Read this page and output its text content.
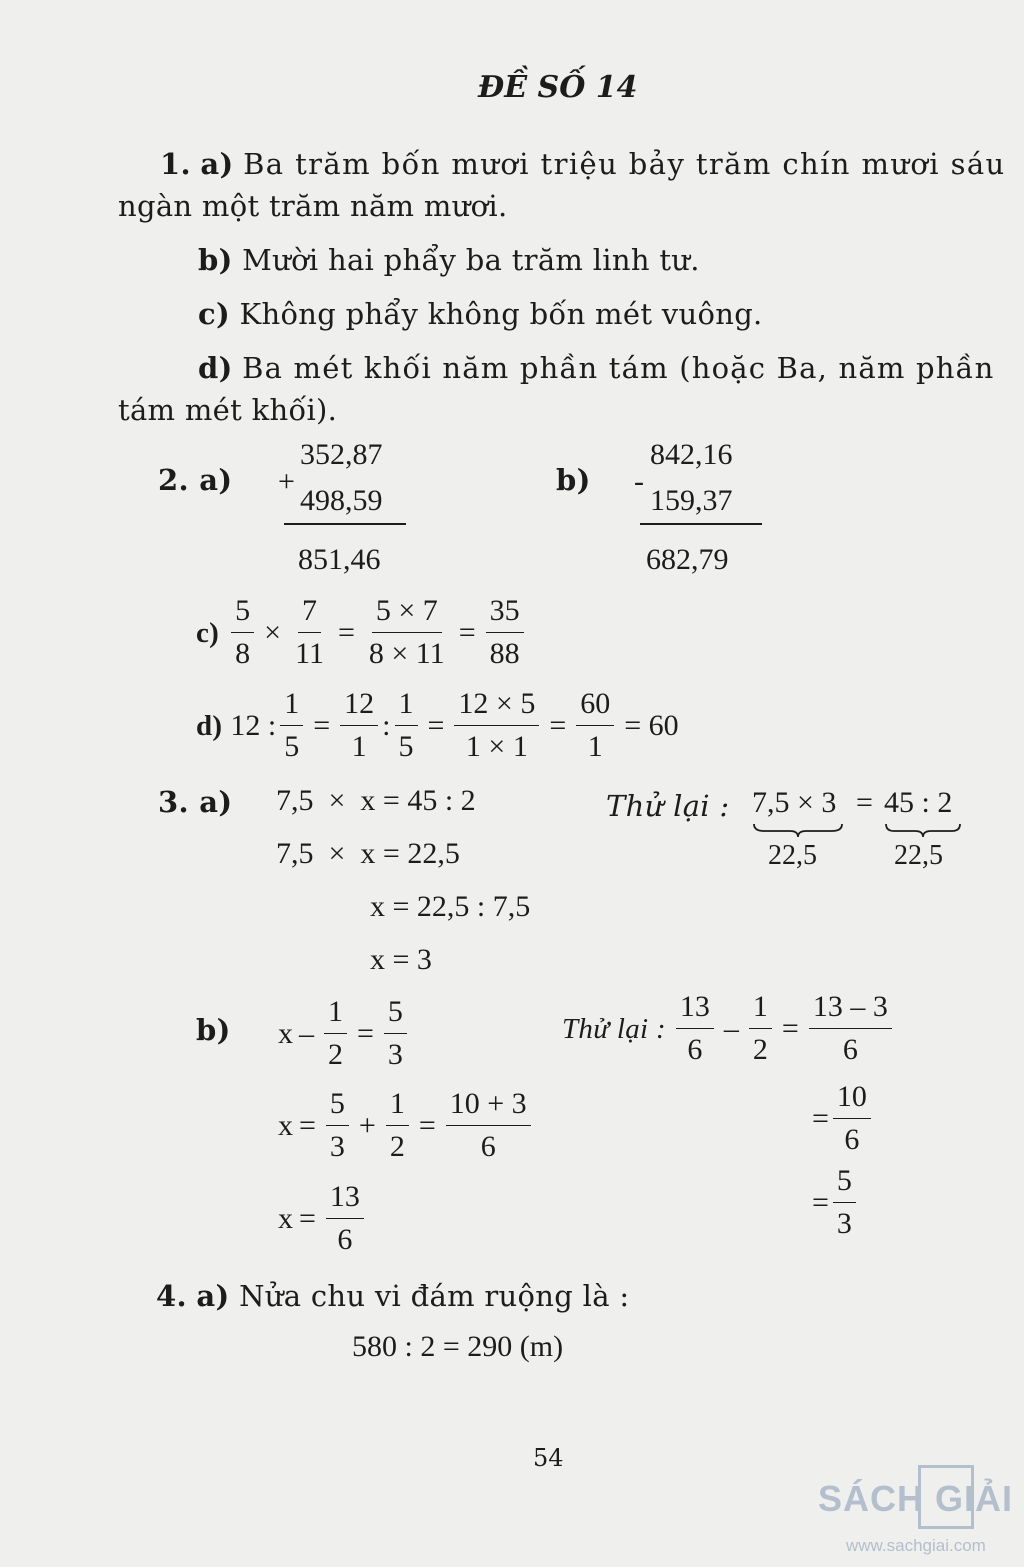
ĐỀ SỐ 14
1. a) Ba trăm bốn mươi triệu bảy trăm chín mươi sáu
ngàn một trăm năm mươi.
b) Mười hai phẩy ba trăm linh tư.
c) Không phẩy không bốn mét vuông.
d) Ba mét khối năm phần tám (hoặc Ba, năm phần
tám mét khối).
2. a)
352,87
+
498,59
851,46
b)
842,16
-
159,37
682,79
$c) \frac{5}{8} \times \frac{7}{11} = \frac{5 \times 7}{8 \times 11} = \frac{35}{88}$
d) 12 : $\frac{1}{5} = \frac{12}{1}$ : $\frac{1}{5} = \frac{12 \times 5}{1 \times 1} = \frac{60}{1} = 60$
3. a) 7,5  ×  x = 45 : 2
7,5  ×  x = 22,5
x = 22,5 : 7,5
x = 3
Thử lại : 7,5 × 3 = 45 : 2
22,5	22,5
b) $x - \frac{1}{2} = \frac{5}{3}$
$x = \frac{5}{3} + \frac{1}{2} = \frac{10 + 3}{6}$
$x = \frac{13}{6}$
Thử lại : $\frac{13}{6} - \frac{1}{2} = \frac{13 - 3}{6}$
= $\frac{10}{6}$
= $\frac{5}{3}$
4. a) Nửa chu vi đám ruộng là :
580 : 2 = 290 (m)
54
SÁCH GIẢI
www.sachgiai.com
